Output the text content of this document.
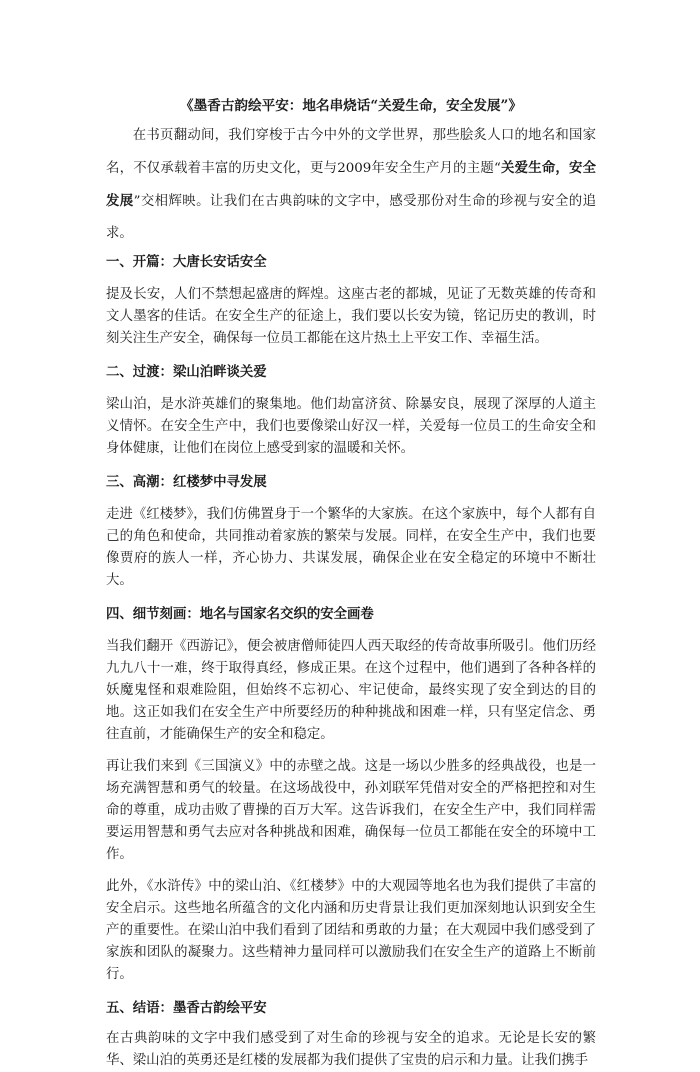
《墨香古韵绘平安：地名串烧话“关爱生命，安全发展”》

在书页翻动间，我们穿梭于古今中外的文学世界，那些脍炙人口的地名和国家名，不仅承载着丰富的历史文化，更与2009年安全生产月的主题“关爱生命，安全发展”交相辉映。让我们在古典韵味的文字中，感受那份对生命的珍视与安全的追求。

一、开篇：大唐长安话安全

提及长安，人们不禁想起盛唐的辉煌。这座古老的都城，见证了无数英雄的传奇和文人墨客的佳话。在安全生产的征途上，我们要以长安为镜，铭记历史的教训，时刻关注生产安全，确保每一位员工都能在这片热土上平安工作、幸福生活。

二、过渡：梁山泊畔谈关爱

梁山泊，是水浒英雄们的聚集地。他们劫富济贫、除暴安良，展现了深厚的人道主义情怀。在安全生产中，我们也要像梁山好汉一样，关爱每一位员工的生命安全和身体健康，让他们在岗位上感受到家的温暖和关怀。

三、高潮：红楼梦中寻发展

走进《红楼梦》，我们仿佛置身于一个繁华的大家族。在这个家族中，每个人都有自己的角色和使命，共同推动着家族的繁荣与发展。同样，在安全生产中，我们也要像贾府的族人一样，齐心协力、共谋发展，确保企业在安全稳定的环境中不断壮大。

四、细节刻画：地名与国家名交织的安全画卷

当我们翻开《西游记》，便会被唐僧师徒四人西天取经的传奇故事所吸引。他们历经九九八十一难，终于取得真经，修成正果。在这个过程中，他们遇到了各种各样的妖魔鬼怪和艰难险阻，但始终不忘初心、牢记使命，最终实现了安全到达的目的地。这正如我们在安全生产中所要经历的种种挑战和困难一样，只有坚定信念、勇往直前，才能确保生产的安全和稳定。

再让我们来到《三国演义》中的赤壁之战。这是一场以少胜多的经典战役，也是一场充满智慧和勇气的较量。在这场战役中，孙刘联军凭借对安全的严格把控和对生命的尊重，成功击败了曹操的百万大军。这告诉我们，在安全生产中，我们同样需要运用智慧和勇气去应对各种挑战和困难，确保每一位员工都能在安全的环境中工作。

此外，《水浒传》中的梁山泊、《红楼梦》中的大观园等地名也为我们提供了丰富的安全启示。这些地名所蕴含的文化内涵和历史背景让我们更加深刻地认识到安全生产的重要性。在梁山泊中我们看到了团结和勇敢的力量；在大观园中我们感受到了家族和团队的凝聚力。这些精神力量同样可以激励我们在安全生产的道路上不断前行。

五、结语：墨香古韵绘平安

在古典韵味的文字中我们感受到了对生命的珍视与安全的追求。无论是长安的繁华、梁山泊的英勇还是红楼的发展都为我们提供了宝贵的启示和力量。让我们携手
